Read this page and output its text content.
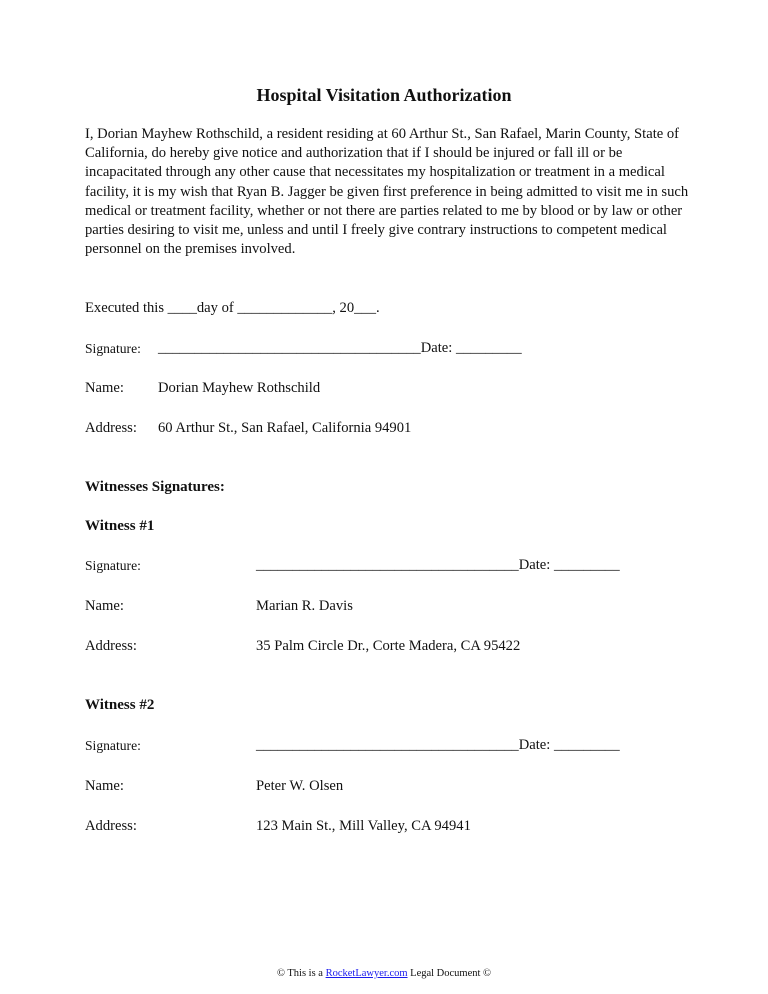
Hospital Visitation Authorization

I, Dorian Mayhew Rothschild, a resident residing at 60 Arthur St., San Rafael, Marin County, State of California, do hereby give notice and authorization that if I should be injured or fall ill or be incapacitated through any other cause that necessitates my hospitalization or treatment in a medical facility, it is my wish that Ryan B. Jagger be given first preference in being admitted to visit me in such medical or treatment facility, whether or not there are parties related to me by blood or by law or other parties desiring to visit me, unless and until I freely give contrary instructions to competent medical personnel on the premises involved.

Executed this ____day of _____________, 20___.
Signature: ____________________________________Date: _________
Name: Dorian Mayhew Rothschild
Address: 60 Arthur St., San Rafael, California 94901
Witnesses Signatures:
Witness #1
Signature:	____________________________________Date: _________
Name:	Marian R. Davis
Address:	35 Palm Circle Dr., Corte Madera, CA 95422
Witness #2
Signature:	____________________________________Date: _________
Name:	Peter W. Olsen
Address:	123 Main St., Mill Valley, CA 94941
© This is a RocketLawyer.com Legal Document ©
